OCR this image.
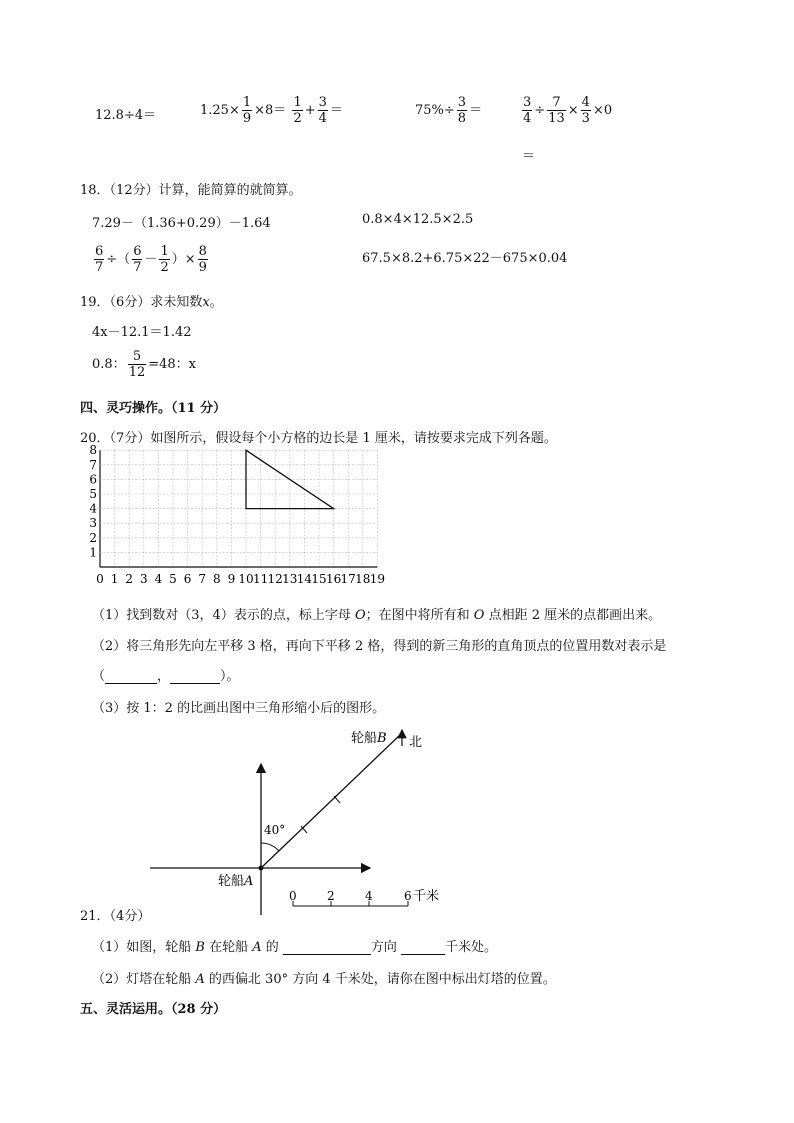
12.8÷4＝	$1.25\times \frac{1}{9} \times 8= \frac{1}{2} + \frac{3}{4}$ ＝	$75\%\div \frac{3}{8}$ ＝	$\frac{3}{4} \div \frac{7}{13} \times \frac{4}{3} \times 0$
＝
18．（12分）计算，能简算的就简算。
7.29－（1.36+0.29）－1.64	0.8×4×12.5×2.5
$\frac{6}{7}$ ÷（ $\frac{6}{7} - \frac{1}{2}$ ）× $\frac{8}{9}$	67.5×8.2+6.75×22－675×0.04
19．（6分）求未知数x。
4x－12.1＝1.42
0.8： $\frac{5}{12} =48$：x
四、灵巧操作。（11 分）
20．（7分）如图所示，假设每个小方格的边长是 1 厘米，请按要求完成下列各题。
0 1 2 3 4 5 6 7 8 9 10 11 12 13 14 15 16 17 18 19
1
2
3
4
5
6
7
8
（1）找到数对（3，4）表示的点，标上字母 O；在图中将所有和 O 点相距 2 厘米的点都画出来。
（2）将三角形先向左平移 3 格，再向下平移 2 格，得到的新三角形的直角顶点的位置用数对表示是
（	，	）。
（3）按 1：2 的比画出图中三角形缩小后的图形。
40°
轮船A
轮船B 北
0	2	4	6 千米
21．（4分）
（1）如图，轮船 B 在轮船 A 的	方向	千米处。
（2）灯塔在轮船 A 的西偏北 30° 方向 4 千米处，请你在图中标出灯塔的位置。
五、灵活运用。（28 分）
